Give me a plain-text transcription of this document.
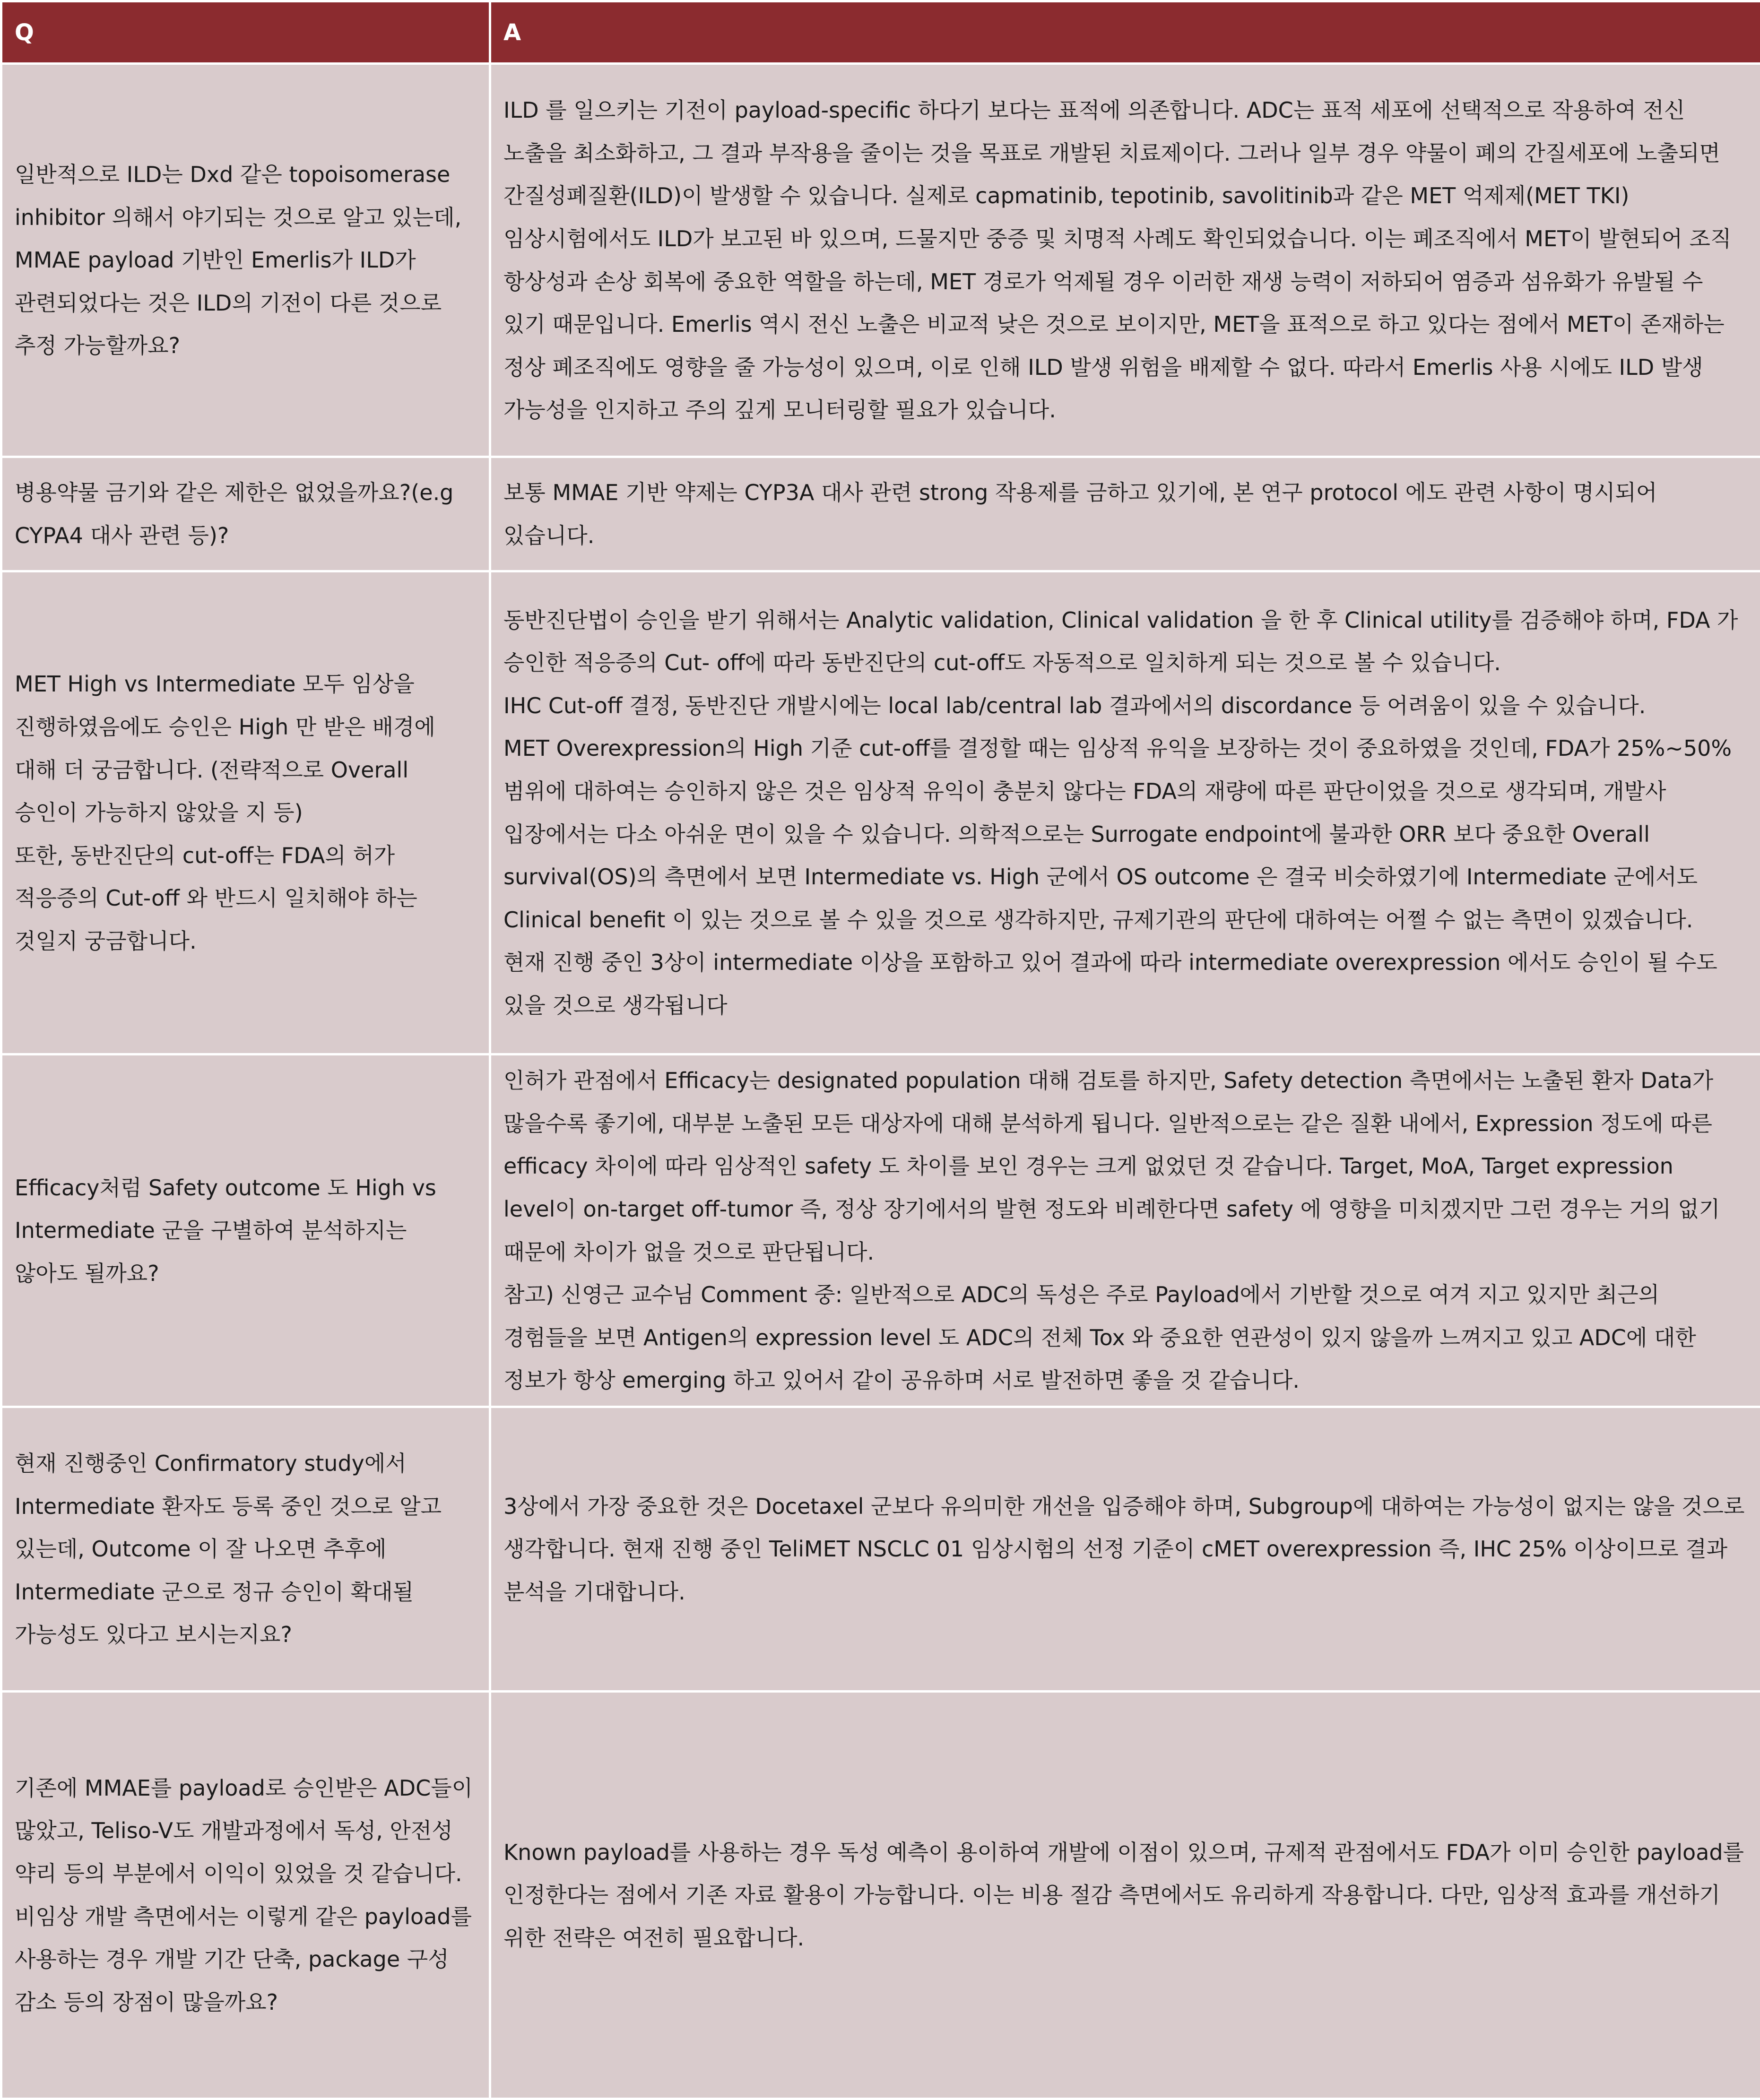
Q	A

일반적으로 ILD는 Dxd 같은 topoisomerase inhibitor 의해서 야기되는 것으로 알고 있는데, MMAE payload 기반인 Emerlis가 ILD가 관련되었다는 것은 ILD의 기전이 다른 것으로 추정 가능할까요?	ILD 를 일으키는 기전이 payload-specific 하다기 보다는 표적에 의존합니다. ADC는 표적 세포에 선택적으로 작용하여 전신 노출을 최소화하고, 그 결과 부작용을 줄이는 것을 목표로 개발된 치료제이다. 그러나 일부 경우 약물이 폐의 간질세포에 노출되면 간질성폐질환(ILD)이 발생할 수 있습니다. 실제로 capmatinib, tepotinib, savolitinib과 같은 MET 억제제(MET TKI) 임상시험에서도 ILD가 보고된 바 있으며, 드물지만 중증 및 치명적 사례도 확인되었습니다. 이는 폐조직에서 MET이 발현되어 조직 항상성과 손상 회복에 중요한 역할을 하는데, MET 경로가 억제될 경우 이러한 재생 능력이 저하되어 염증과 섬유화가 유발될 수 있기 때문입니다. Emerlis 역시 전신 노출은 비교적 낮은 것으로 보이지만, MET을 표적으로 하고 있다는 점에서 MET이 존재하는 정상 폐조직에도 영향을 줄 가능성이 있으며, 이로 인해 ILD 발생 위험을 배제할 수 없다. 따라서 Emerlis 사용 시에도 ILD 발생 가능성을 인지하고 주의 깊게 모니터링할 필요가 있습니다.

병용약물 금기와 같은 제한은 없었을까요?(e.g CYPA4 대사 관련 등)?	보통 MMAE 기반 약제는 CYP3A 대사 관련 strong 작용제를 금하고 있기에, 본 연구 protocol 에도 관련 사항이 명시되어 있습니다.

MET High vs Intermediate 모두 임상을 진행하였음에도 승인은 High 만 받은 배경에 대해 더 궁금합니다. (전략적으로 Overall 승인이 가능하지 않았을 지 등)
또한, 동반진단의 cut-off는 FDA의 허가 적응증의 Cut-off 와 반드시 일치해야 하는 것일지 궁금합니다.	동반진단법이 승인을 받기 위해서는 Analytic validation, Clinical validation 을 한 후 Clinical utility를 검증해야 하며, FDA 가 승인한 적응증의 Cut- off에 따라 동반진단의 cut-off도 자동적으로 일치하게 되는 것으로 볼 수 있습니다.
IHC Cut-off 결정, 동반진단 개발시에는 local lab/central lab 결과에서의 discordance 등 어려움이 있을 수 있습니다.
MET Overexpression의 High 기준 cut-off를 결정할 때는 임상적 유익을 보장하는 것이 중요하였을 것인데, FDA가 25%~50% 범위에 대하여는 승인하지 않은 것은 임상적 유익이 충분치 않다는 FDA의 재량에 따른 판단이었을 것으로 생각되며, 개발사 입장에서는 다소 아쉬운 면이 있을 수 있습니다. 의학적으로는 Surrogate endpoint에 불과한 ORR 보다 중요한 Overall survival(OS)의 측면에서 보면 Intermediate vs. High 군에서 OS outcome 은 결국 비슷하였기에 Intermediate 군에서도 Clinical benefit 이 있는 것으로 볼 수 있을 것으로 생각하지만, 규제기관의 판단에 대하여는 어쩔 수 없는 측면이 있겠습니다.
현재 진행 중인 3상이 intermediate 이상을 포함하고 있어 결과에 따라 intermediate overexpression 에서도 승인이 될 수도 있을 것으로 생각됩니다

Efficacy처럼 Safety outcome 도 High vs Intermediate 군을 구별하여 분석하지는 않아도 될까요?	인허가 관점에서 Efficacy는 designated population 대해 검토를 하지만, Safety detection 측면에서는 노출된 환자 Data가 많을수록 좋기에, 대부분 노출된 모든 대상자에 대해 분석하게 됩니다. 일반적으로는 같은 질환 내에서, Expression 정도에 따른 efficacy 차이에 따라 임상적인 safety 도 차이를 보인 경우는 크게 없었던 것 같습니다. Target, MoA, Target expression level이 on-target off-tumor 즉, 정상 장기에서의 발현 정도와 비례한다면 safety 에 영향을 미치겠지만 그런 경우는 거의 없기 때문에 차이가 없을 것으로 판단됩니다.
참고) 신영근 교수님 Comment 중: 일반적으로 ADC의 독성은 주로 Payload에서 기반할 것으로 여겨 지고 있지만 최근의 경험들을 보면 Antigen의 expression level 도 ADC의 전체 Tox 와 중요한 연관성이 있지 않을까 느껴지고 있고 ADC에 대한 정보가 항상 emerging 하고 있어서 같이 공유하며 서로 발전하면 좋을 것 같습니다.

현재 진행중인 Confirmatory study에서 Intermediate 환자도 등록 중인 것으로 알고 있는데, Outcome 이 잘 나오면 추후에 Intermediate 군으로 정규 승인이 확대될 가능성도 있다고 보시는지요?	3상에서 가장 중요한 것은 Docetaxel 군보다 유의미한 개선을 입증해야 하며, Subgroup에 대하여는 가능성이 없지는 않을 것으로 생각합니다. 현재 진행 중인 TeliMET NSCLC 01 임상시험의 선정 기준이 cMET overexpression 즉, IHC 25% 이상이므로 결과 분석을 기대합니다.

기존에 MMAE를 payload로 승인받은 ADC들이 많았고, Teliso-V도 개발과정에서 독성, 안전성 약리 등의 부분에서 이익이 있었을 것 같습니다. 비임상 개발 측면에서는 이렇게 같은 payload를 사용하는 경우 개발 기간 단축, package 구성 감소 등의 장점이 많을까요?	Known payload를 사용하는 경우 독성 예측이 용이하여 개발에 이점이 있으며, 규제적 관점에서도 FDA가 이미 승인한 payload를 인정한다는 점에서 기존 자료 활용이 가능합니다. 이는 비용 절감 측면에서도 유리하게 작용합니다. 다만, 임상적 효과를 개선하기 위한 전략은 여전히 필요합니다.
